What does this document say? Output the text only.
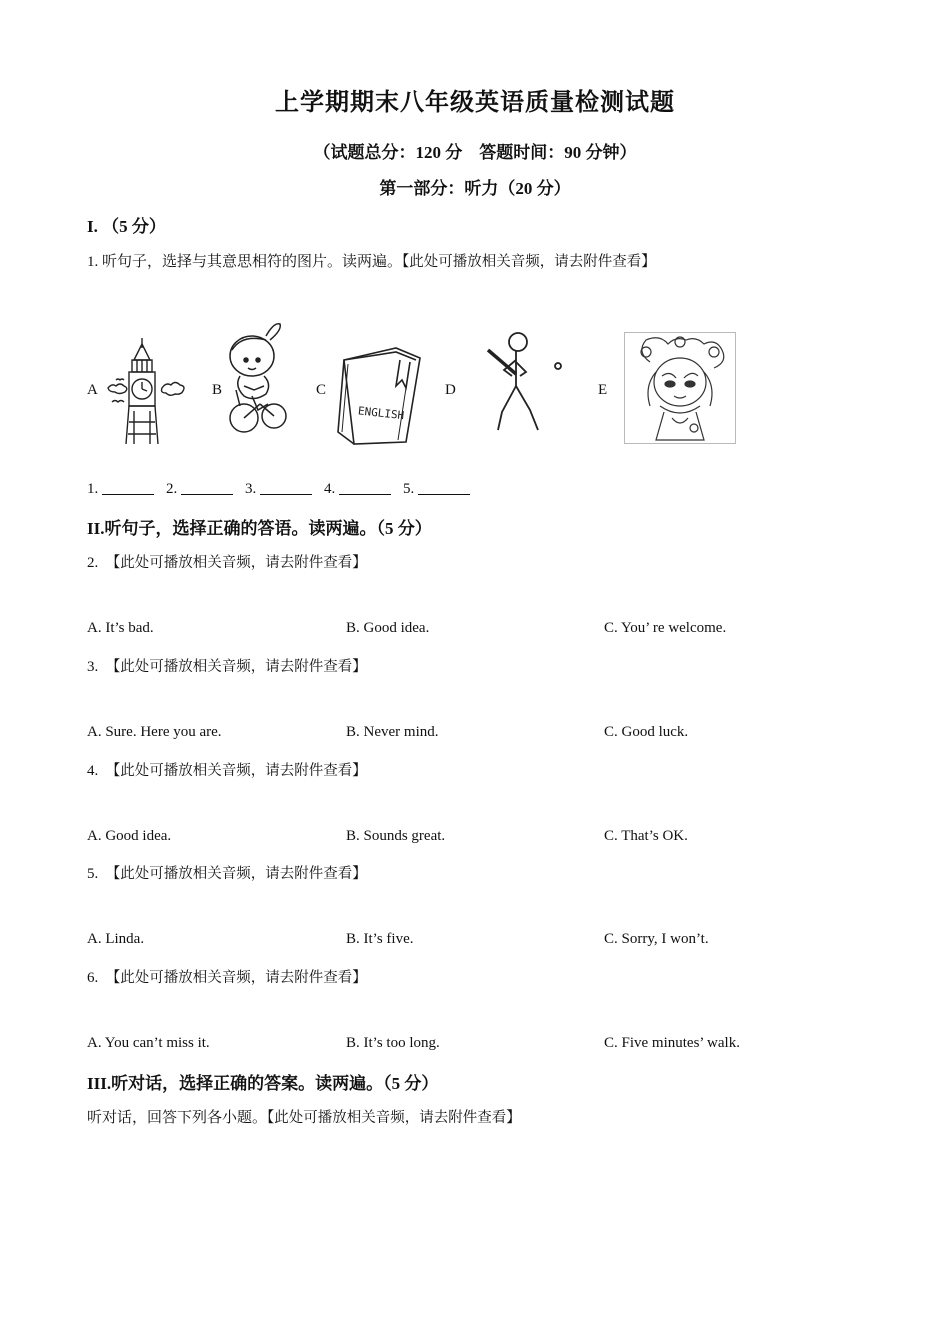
上学期期末八年级英语质量检测试题
（试题总分：120 分　答题时间：90 分钟）
第一部分：听力（20 分）
I. （5 分）
1. 听句子，选择与其意思相符的图片。读两遍。【此处可播放相关音频，请去附件查看】
A	B	C	D	E
ENGLISH
1.	2.	3.	4.	5.
II.听句子，选择正确的答语。读两遍。（5 分）
2. 【此处可播放相关音频，请去附件查看】
A. It’s bad.	B. Good idea.	C. You’ re welcome.
3. 【此处可播放相关音频，请去附件查看】
A. Sure. Here you are.	B. Never mind.	C. Good luck.
4. 【此处可播放相关音频，请去附件查看】
A. Good idea.	B. Sounds great.	C. That’s OK.
5. 【此处可播放相关音频，请去附件查看】
A. Linda.	B. It’s five.	C. Sorry, I won’t.
6. 【此处可播放相关音频，请去附件查看】
A. You can’t miss it.	B. It’s too long.	C. Five minutes’ walk.
III.听对话，选择正确的答案。读两遍。（5 分）
听对话，回答下列各小题。【此处可播放相关音频，请去附件查看】
